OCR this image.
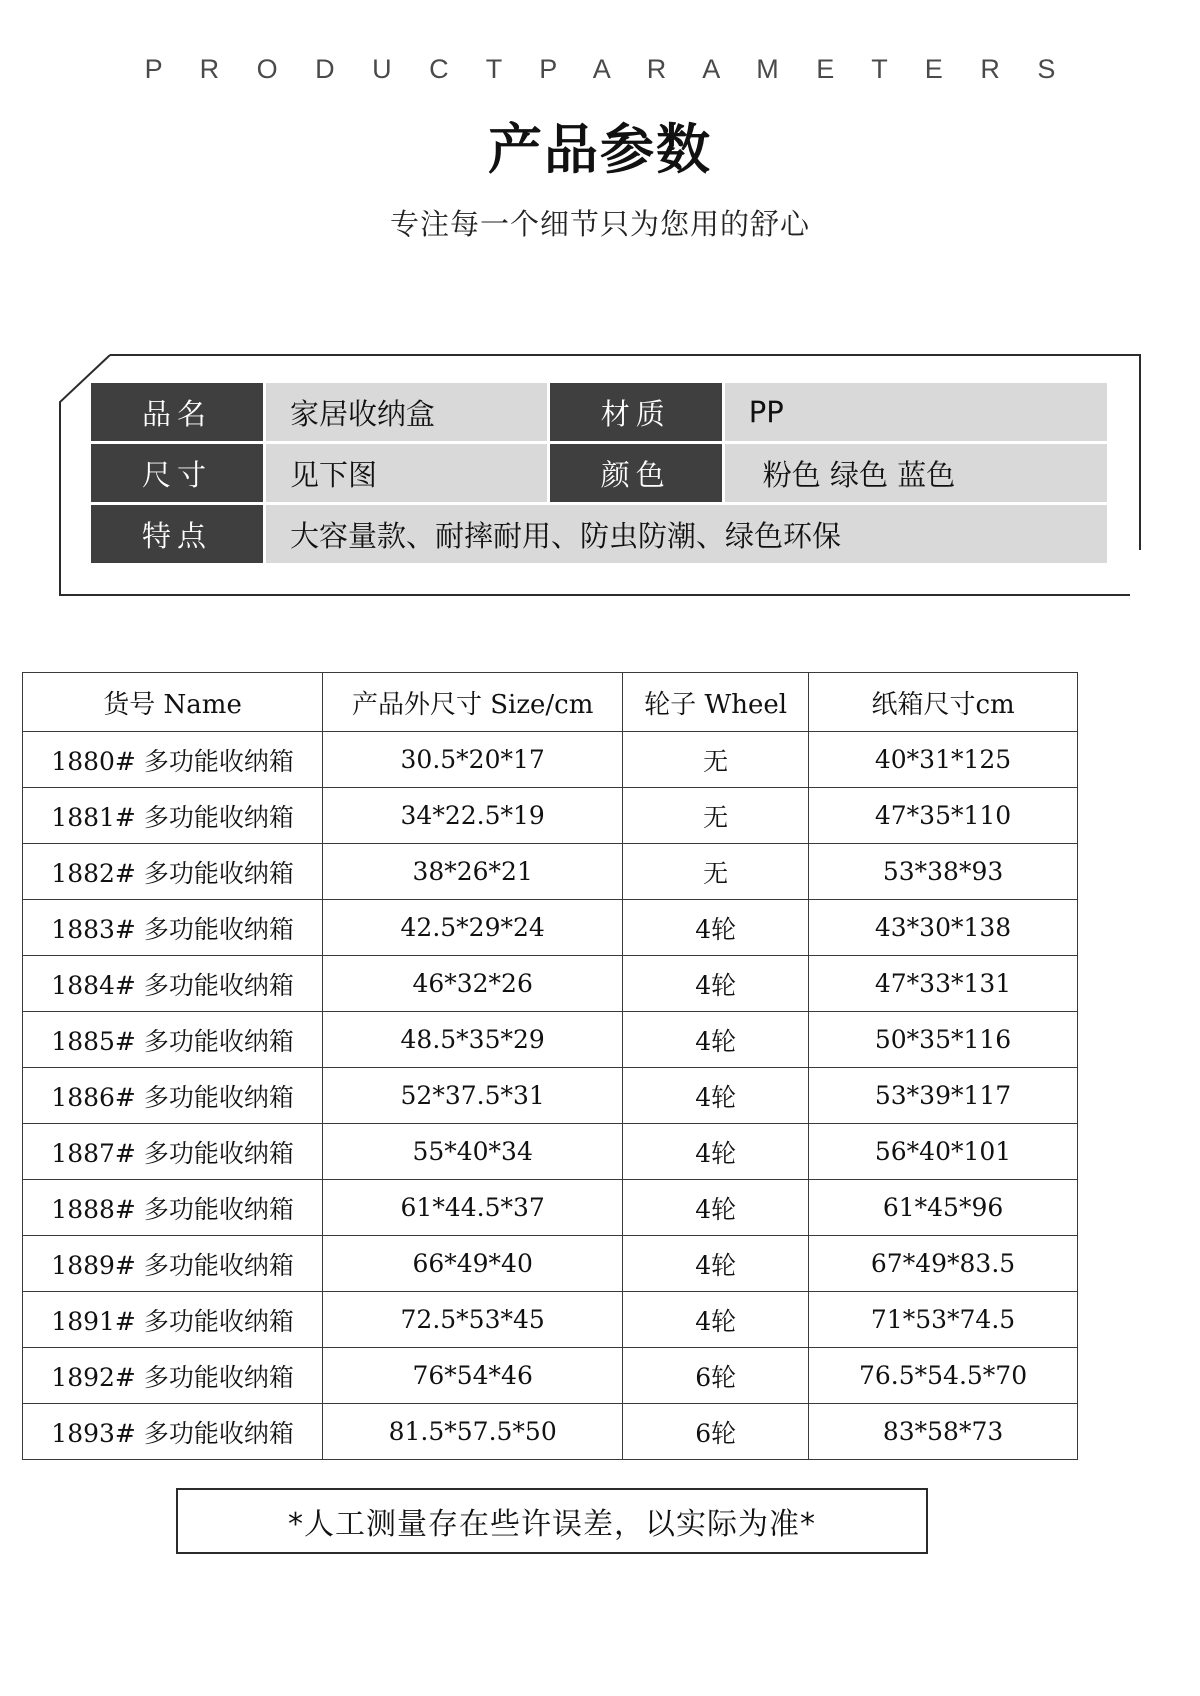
P R O D U C T P A R A M E T E R S
产品参数
专注每一个细节只为您用的舒心
品名	家居收纳盒	材质	PP
尺寸	见下图	颜色	粉色 绿色 蓝色
特点	大容量款、耐摔耐用、防虫防潮、绿色环保		
货号 Name	产品外尺寸 Size/cm	轮子 Wheel	纸箱尺寸cm
1880# 多功能收纳箱	30.5*20*17	无	40*31*125
1881# 多功能收纳箱	34*22.5*19	无	47*35*110
1882# 多功能收纳箱	38*26*21	无	53*38*93
1883# 多功能收纳箱	42.5*29*24	4轮	43*30*138
1884# 多功能收纳箱	46*32*26	4轮	47*33*131
1885# 多功能收纳箱	48.5*35*29	4轮	50*35*116
1886# 多功能收纳箱	52*37.5*31	4轮	53*39*117
1887# 多功能收纳箱	55*40*34	4轮	56*40*101
1888# 多功能收纳箱	61*44.5*37	4轮	61*45*96
1889# 多功能收纳箱	66*49*40	4轮	67*49*83.5
1891# 多功能收纳箱	72.5*53*45	4轮	71*53*74.5
1892# 多功能收纳箱	76*54*46	6轮	76.5*54.5*70
1893# 多功能收纳箱	81.5*57.5*50	6轮	83*58*73
*人工测量存在些许误差，以实际为准*
